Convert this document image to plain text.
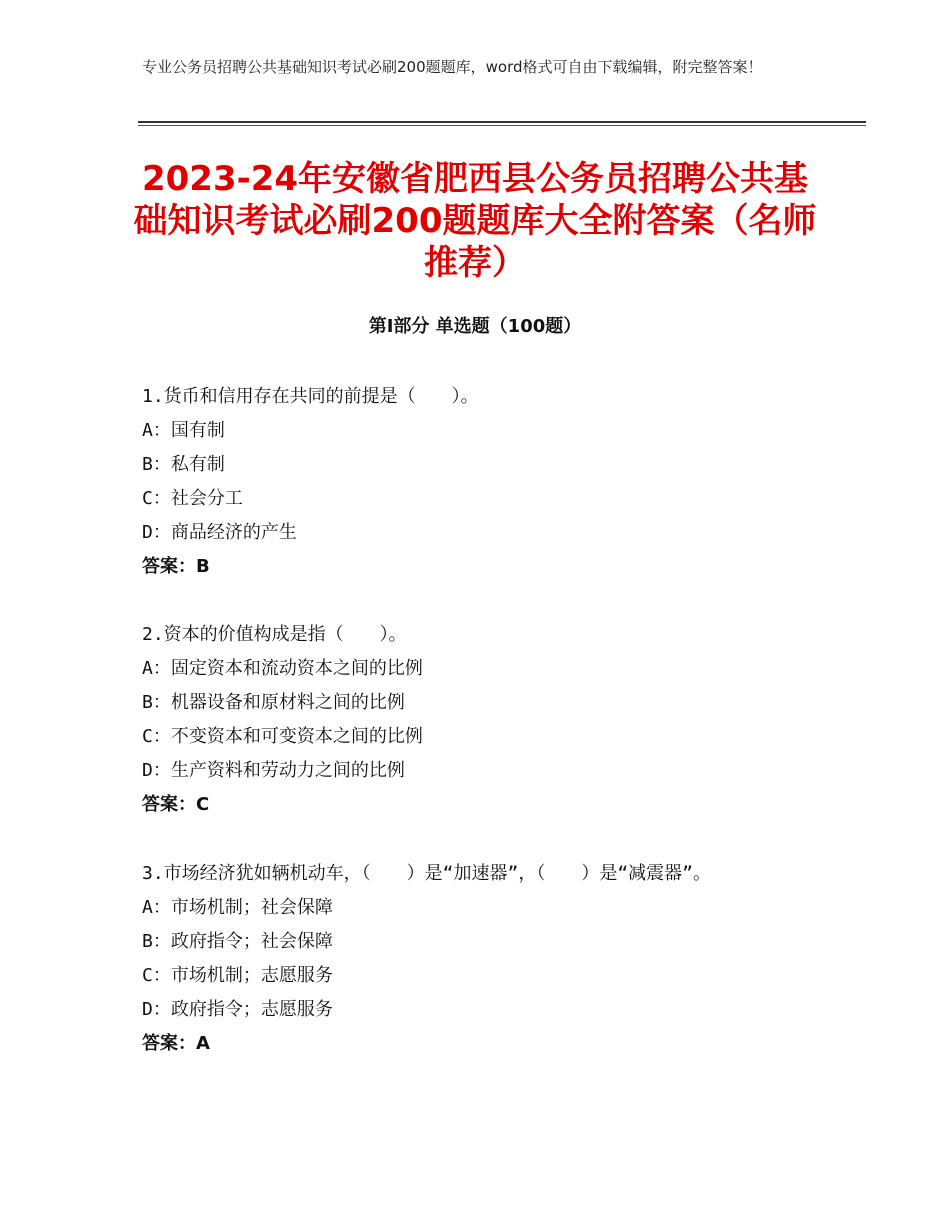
专业公务员招聘公共基础知识考试必刷200题题库，word格式可自由下载编辑，附完整答案！
2023-24年安徽省肥西县公务员招聘公共基础知识考试必刷200题题库大全附答案（名师推荐）
第Ⅰ部分 单选题（100题）
1.货币和信用存在共同的前提是（　　）。
A：国有制
B：私有制
C：社会分工
D：商品经济的产生
答案：B
2.资本的价值构成是指（　　）。
A：固定资本和流动资本之间的比例
B：机器设备和原材料之间的比例
C：不变资本和可变资本之间的比例
D：生产资料和劳动力之间的比例
答案：C
3.市场经济犹如辆机动车，（　　）是“加速器”，（　　）是“减震器”。
A：市场机制；社会保障
B：政府指令；社会保障
C：市场机制；志愿服务
D：政府指令；志愿服务
答案：A
